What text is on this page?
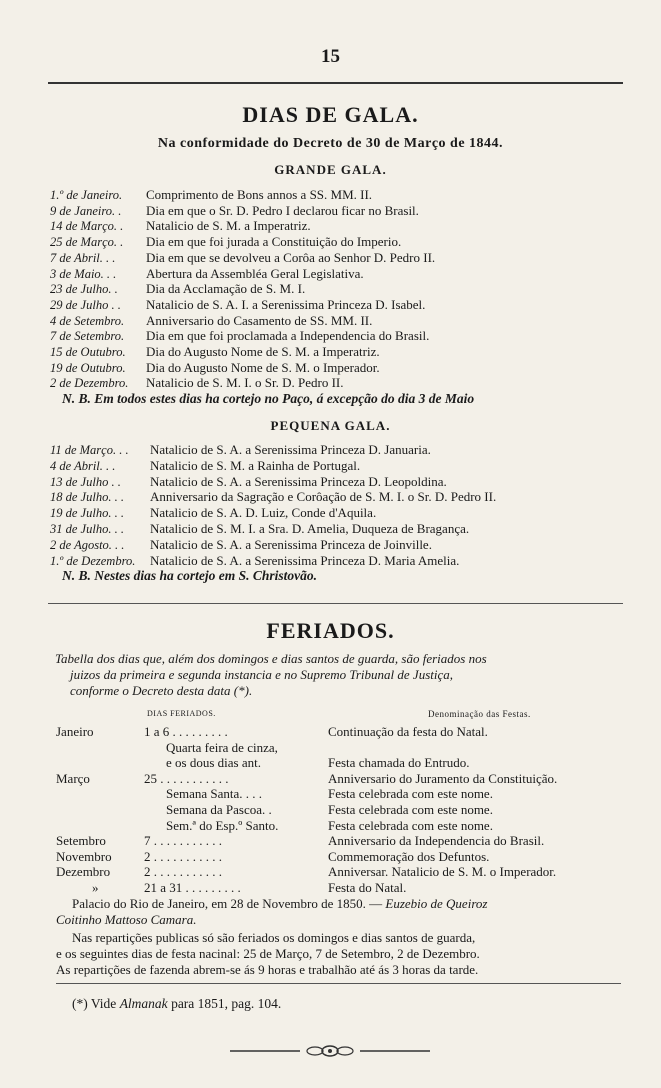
15
DIAS DE GALA.
Na conformidade do Decreto de 30 de Março de 1844.
GRANDE GALA.
1.º de Janeiro. Comprimento de Bons annos a SS. MM. II.
9 de Janeiro. . Dia em que o Sr. D. Pedro I declarou ficar no Brasil.
14 de Março. . Natalicio de S. M. a Imperatriz.
25 de Março. . Dia em que foi jurada a Constituição do Imperio.
7 de Abril. . . Dia em que se devolveu a Corôa ao Senhor D. Pedro II.
3 de Maio. . . Abertura da Assembléa Geral Legislativa.
23 de Julho. . Dia da Acclamação de S. M. I.
29 de Julho . . Natalicio de S. A. I. a Serenissima Princeza D. Isabel.
4 de Setembro. Anniversario do Casamento de SS. MM. II.
7 de Setembro. Dia em que foi proclamada a Independencia do Brasil.
15 de Outubro. Dia do Augusto Nome de S. M. a Imperatriz.
19 de Outubro. Dia do Augusto Nome de S. M. o Imperador.
2 de Dezembro. Natalicio de S. M. I. o Sr. D. Pedro II.
N. B. Em todos estes dias ha cortejo no Paço, á excepção do dia 3 de Maio
PEQUENA GALA.
11 de Março. . . Natalicio de S. A. a Serenissima Princeza D. Januaria.
4 de Abril. . .	Natalicio de S. M. a Rainha de Portugal.
13 de Julho . . Natalicio de S. A. a Serenissima Princeza D. Leopoldina.
18 de Julho. . . Anniversario da Sagração e Corôação de S. M. I. o Sr. D. Pedro II.
19 de Julho. . . Natalicio de S. A. D. Luiz, Conde d'Aquila.
31 de Julho. . . Natalicio de S. M. I. a Sra. D. Amelia, Duqueza de Bragança.
2 de Agosto. . . Natalicio de S. A. a Serenissima Princeza de Joinville.
1.º de Dezembro. Natalicio de S. A. a Serenissima Princeza D. Maria Amelia.
N. B. Nestes dias ha cortejo em S. Christovão.
FERIADOS.
Tabella dos dias que, além dos domingos e dias santos de guarda, são feriados nos
juizos da primeira e segunda instancia e no Supremo Tribunal de Justiça,
conforme o Decreto desta data (*).
DIAS FERIADOS.	Denominação das Festas.
Janeiro	1 a 6 . . . . . . . . .	Continuação da festa do Natal.
Quarta feira de cinza,
e os dous dias ant.	Festa chamada do Entrudo.
Março	25 . . . . . . . . . . .	Anniversario do Juramento da Constituição.
Semana Santa. . . .	Festa celebrada com este nome.
Semana da Pascoa. .	Festa celebrada com este nome.
Sem.ª do Esp.º Santo.	Festa celebrada com este nome.
Setembro	7 . . . . . . . . . . .	Anniversario da Independencia do Brasil.
Novembro 2 . . . . . . . . . . .	Commemoração dos Defuntos.
Dezembro	2 . . . . . . . . . . .	Anniversar. Natalicio de S. M. o Imperador.
»	21 a 31 . . . . . . . . .	Festa do Natal.
Palacio do Rio de Janeiro, em 28 de Novembro de 1850. — Euzebio de Queiroz
Coitinho Mattoso Camara.
Nas repartições publicas só são feriados os domingos e dias santos de guarda,
e os seguintes dias de festa nacinal: 25 de Março, 7 de Setembro, 2 de Dezembro.
As repartições de fazenda abrem-se ás 9 horas e trabalhão até ás 3 horas da tarde.
(*) Vide Almanak para 1851, pag. 104.
